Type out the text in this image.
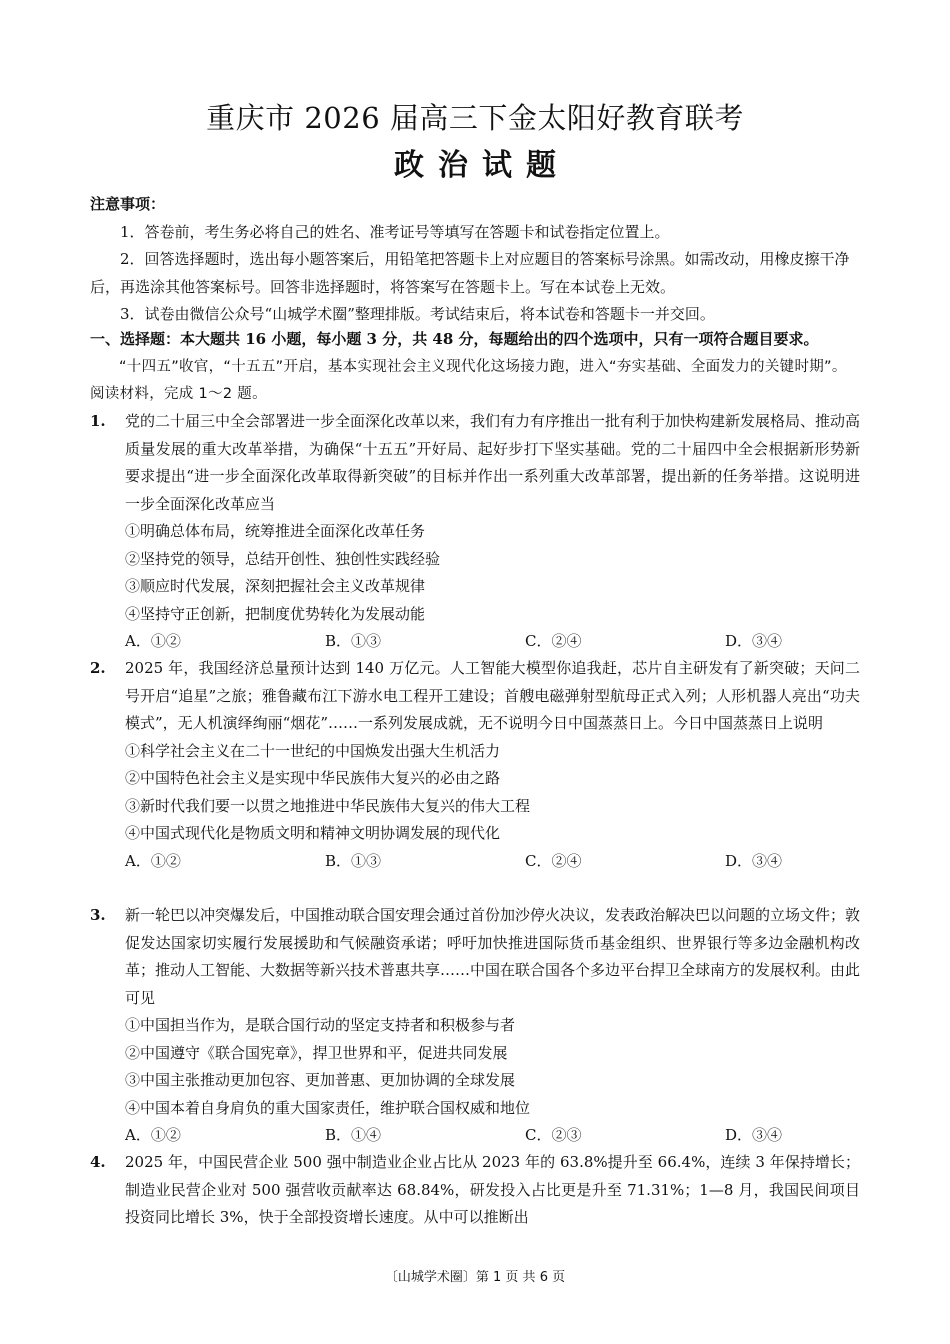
重庆市 2026 届高三下金太阳好教育联考
政治试题

注意事项：

1．答卷前，考生务必将自己的姓名、准考证号等填写在答题卡和试卷指定位置上。

2．回答选择题时，选出每小题答案后，用铅笔把答题卡上对应题目的答案标号涂黑。如需改动，用橡皮擦干净后，再选涂其他答案标号。回答非选择题时，将答案写在答题卡上。写在本试卷上无效。

3．试卷由微信公众号“山城学术圈”整理排版。考试结束后，将本试卷和答题卡一并交回。

一、选择题：本大题共 16 小题，每小题 3 分，共 48 分，每题给出的四个选项中，只有一项符合题目要求。
“十四五”收官，“十五五”开启，基本实现社会主义现代化这场接力跑，进入“夯实基础、全面发力的关键时期”。阅读材料，完成 1～2 题。
1. 党的二十届三中全会部署进一步全面深化改革以来，我们有力有序推出一批有利于加快构建新发展格局、推动高质量发展的重大改革举措，为确保“十五五”开好局、起好步打下坚实基础。党的二十届四中全会根据新形势新要求提出“进一步全面深化改革取得新突破”的目标并作出一系列重大改革部署，提出新的任务举措。这说明进一步全面深化改革应当
①明确总体布局，统筹推进全面深化改革任务
②坚持党的领导，总结开创性、独创性实践经验
③顺应时代发展，深刻把握社会主义改革规律
④坚持守正创新，把制度优势转化为发展动能
A．①②	B．①③	C．②④	D．③④
2. 2025 年，我国经济总量预计达到 140 万亿元。人工智能大模型你追我赶，芯片自主研发有了新突破；天问二号开启“追星”之旅；雅鲁藏布江下游水电工程开工建设；首艘电磁弹射型航母正式入列；人形机器人亮出“功夫模式”，无人机演绎绚丽“烟花”……一系列发展成就，无不说明今日中国蒸蒸日上。今日中国蒸蒸日上说明
①科学社会主义在二十一世纪的中国焕发出强大生机活力
②中国特色社会主义是实现中华民族伟大复兴的必由之路
③新时代我们要一以贯之地推进中华民族伟大复兴的伟大工程
④中国式现代化是物质文明和精神文明协调发展的现代化
A．①②	B．①③	C．②④	D．③④
3. 新一轮巴以冲突爆发后，中国推动联合国安理会通过首份加沙停火决议，发表政治解决巴以问题的立场文件；敦促发达国家切实履行发展援助和气候融资承诺；呼吁加快推进国际货币基金组织、世界银行等多边金融机构改革；推动人工智能、大数据等新兴技术普惠共享……中国在联合国各个多边平台捍卫全球南方的发展权利。由此可见
①中国担当作为，是联合国行动的坚定支持者和积极参与者
②中国遵守《联合国宪章》，捍卫世界和平，促进共同发展
③中国主张推动更加包容、更加普惠、更加协调的全球发展
④中国本着自身肩负的重大国家责任，维护联合国权威和地位
A．①②	B．①④	C．②③	D．③④
4. 2025 年，中国民营企业 500 强中制造业企业占比从 2023 年的 63.8%提升至 66.4%，连续 3 年保持增长；制造业民营企业对 500 强营收贡献率达 68.84%，研发投入占比更是升至 71.31%；1—8 月，我国民间项目投资同比增长 3%，快于全部投资增长速度。从中可以推断出
〔山城学术圈〕第 1 页 共 6 页
